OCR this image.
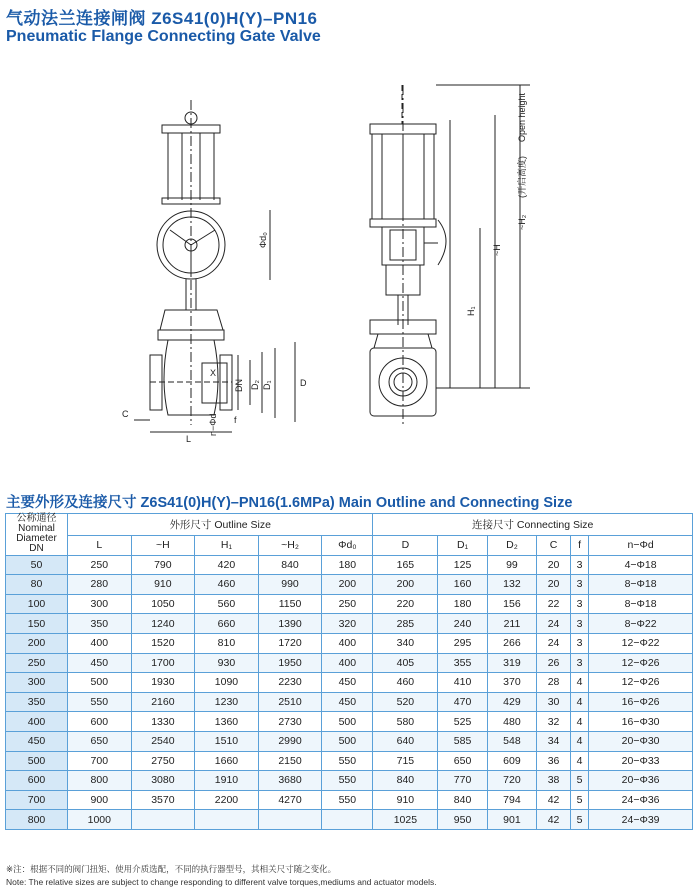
气动法兰连接闸阀 Z6S41(0)H(Y)–PN16
Pneumatic Flange Connecting Gate Valve
Φd₀
X
DN D₂ D₁	D
C
L
n−Φd f
H₁
~H
~H₂
(开启高度)
Open height
主要外形及连接尺寸 Z6S41(0)H(Y)–PN16(1.6MPa) Main Outline and Connecting Size
公称通径
Nominal
Diameter
DN	外形尺寸 Outline Size					连接尺寸 Connecting Size					
	L	~H	H₁	~H₂	Φd₀	D	D₁	D₂	C	f	n−Φd
50	250	790	420	840	180	165	125	99	20	3	4−Φ18
80	280	910	460	990	200	200	160	132	20	3	8−Φ18
100	300	1050	560	1150	250	220	180	156	22	3	8−Φ18
150	350	1240	660	1390	320	285	240	211	24	3	8−Φ22
200	400	1520	810	1720	400	340	295	266	24	3	12−Φ22
250	450	1700	930	1950	400	405	355	319	26	3	12−Φ26
300	500	1930	1090	2230	450	460	410	370	28	4	12−Φ26
350	550	2160	1230	2510	450	520	470	429	30	4	16−Φ26
400	600	1330	1360	2730	500	580	525	480	32	4	16−Φ30
450	650	2540	1510	2990	500	640	585	548	34	4	20−Φ30
500	700	2750	1660	2150	550	715	650	609	36	4	20−Φ33
600	800	3080	1910	3680	550	840	770	720	38	5	20−Φ36
700	900	3570	2200	4270	550	910	840	794	42	5	24−Φ36
800	1000					1025	950	901	42	5	24−Φ39
※注：根据不同的阀门扭矩、使用介质选配，不同的执行器型号，其相关尺寸随之变化。
Note: The relative sizes are subject to change responding to different valve torques,mediums and actuator models.
